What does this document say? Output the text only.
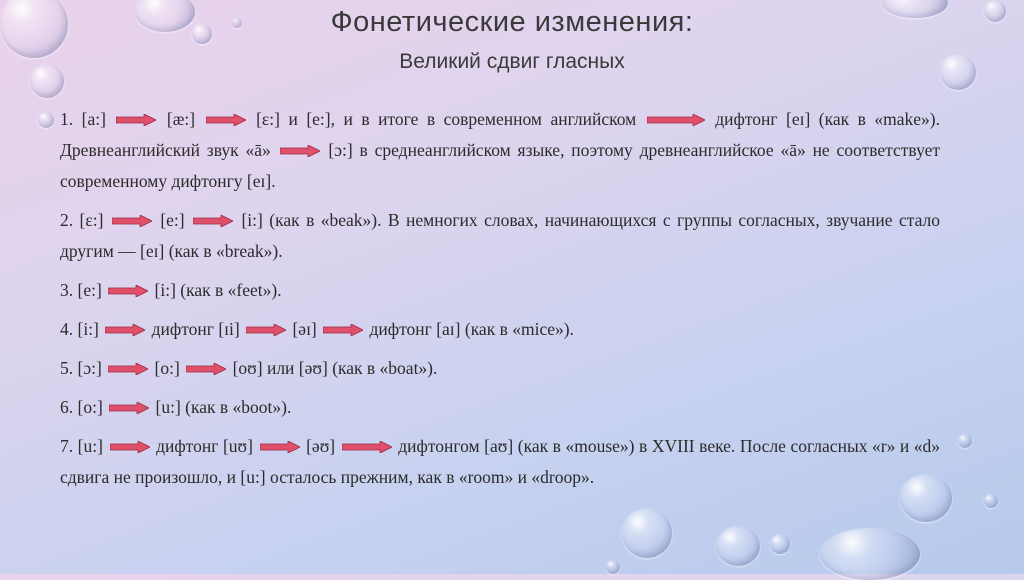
Фонетические изменения:
Великий сдвиг гласных

1. [a:]	[æ:]	[ɛ:] и [e:], и в итоге в современном английском	дифтонг [eɪ] (как в «make»). Древнеанглийский звук «ā»	[ɔ:] в среднеанглийском языке, поэтому древнеанглийское «ā» не соответствует современному дифтонгу [eɪ].

2. [ɛ:]	[e:]	[i:] (как в «beak»). В немногих словах, начинающихся с группы согласных, звучание стало другим — [eɪ] (как в «break»).

3. [e:]	[i:] (как в «feet»).

4. [i:]	дифтонг [ɪi]	[əɪ]	дифтонг [aɪ] (как в «mice»).

5. [ɔ:]	[o:]	[oʊ] или [əʊ] (как в «boat»).

6. [o:]	[u:] (как в «boot»).

7. [u:]	дифтонг [uʊ]	[əʊ]	дифтонгом [aʊ] (как в «mouse») в XVIII веке. После согласных «r» и «d» сдвига не произошло, и [u:] осталось прежним, как в «room» и «droop».
